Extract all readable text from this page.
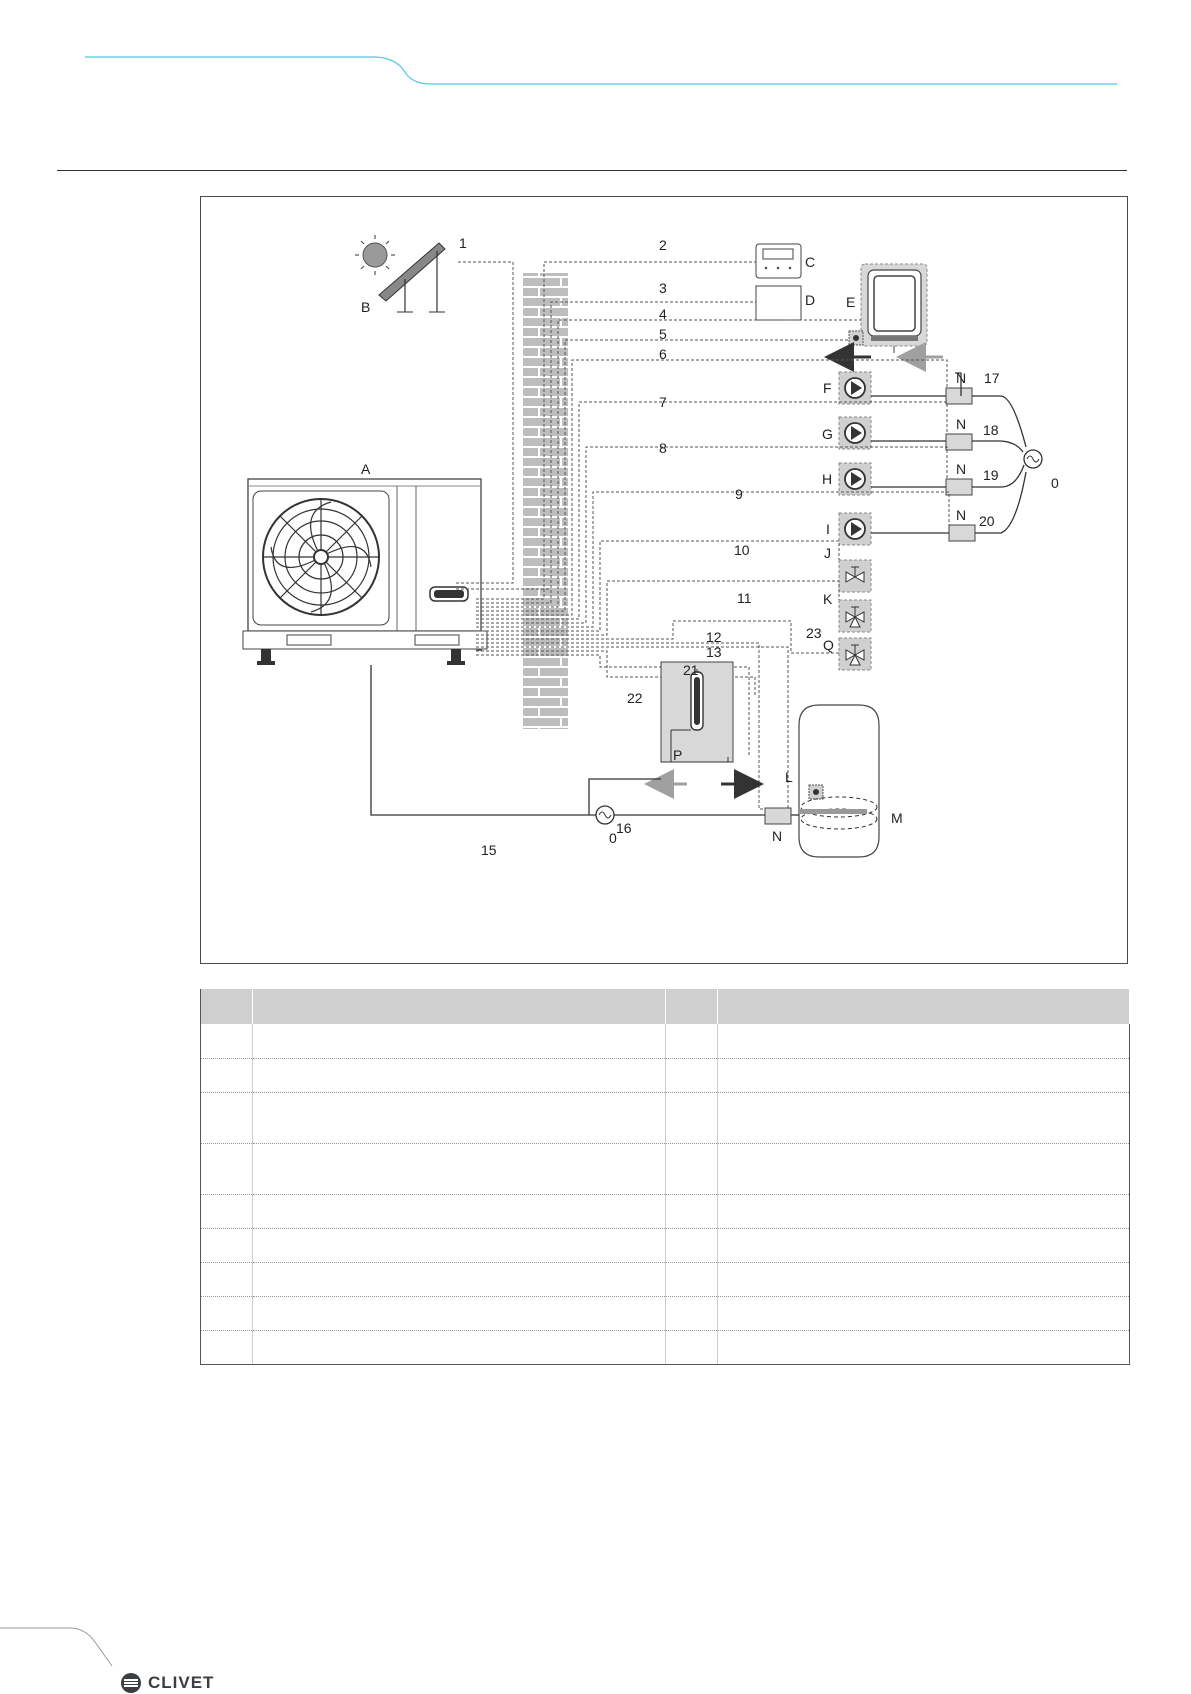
B
A
C
D E
F
G
H
I
J
K
Q
L
M
P
N
N
N
N
N
0
0
1	2
3
4
5
6
7
8
9
10
11
12
13
21
22
23
15
16
17
18
19
20

CLIVET
